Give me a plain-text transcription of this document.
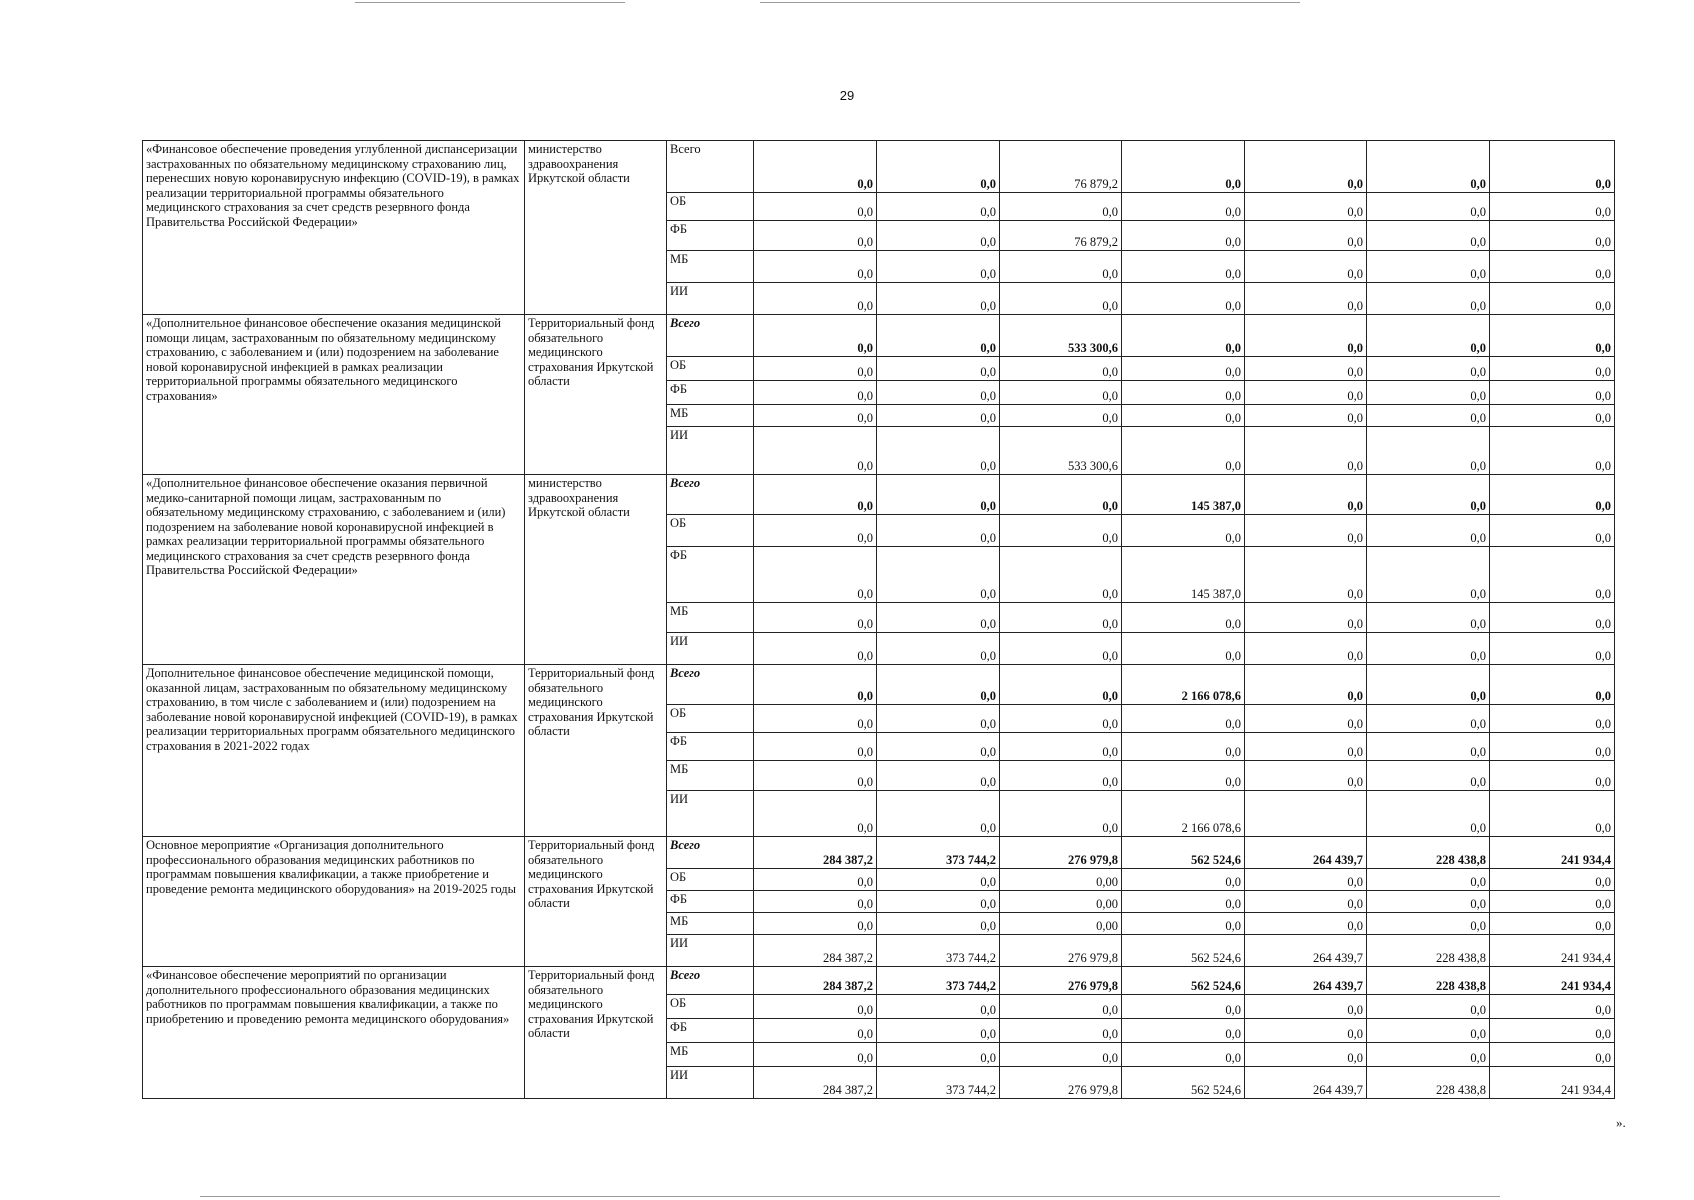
29
«Финансовое обеспечение проведения углубленной диспансеризации застрахованных по обязательному медицинскому страхованию лиц, перенесших новую коронавирусную инфекцию (COVID-19), в рамках реализации территориальной программы обязательного медицинского страхования за счет средств резервного фонда Правительства Российской Федерации»	министерство здравоохранения Иркутской области	Всего	0,0	0,0	76 879,2	0,0	0,0	0,0	0,0
		ОБ	0,0	0,0	0,0	0,0	0,0	0,0	0,0
		ФБ	0,0	0,0	76 879,2	0,0	0,0	0,0	0,0
		МБ	0,0	0,0	0,0	0,0	0,0	0,0	0,0
		ИИ	0,0	0,0	0,0	0,0	0,0	0,0	0,0
«Дополнительное финансовое обеспечение оказания медицинской помощи лицам, застрахованным по обязательному медицинскому страхованию, с заболеванием и (или) подозрением на заболевание новой коронавирусной инфекцией в рамках реализации территориальной программы обязательного медицинского страхования»	Территориальный фонд обязательного медицинского страхования Иркутской области	Всего	0,0	0,0	533 300,6	0,0	0,0	0,0	0,0
		ОБ	0,0	0,0	0,0	0,0	0,0	0,0	0,0
		ФБ	0,0	0,0	0,0	0,0	0,0	0,0	0,0
		МБ	0,0	0,0	0,0	0,0	0,0	0,0	0,0
		ИИ	0,0	0,0	533 300,6	0,0	0,0	0,0	0,0
«Дополнительное финансовое обеспечение оказания первичной медико-санитарной помощи лицам, застрахованным по обязательному медицинскому страхованию, с заболеванием и (или) подозрением на заболевание новой коронавирусной инфекцией в рамках реализации территориальной программы обязательного медицинского страхования за счет средств резервного фонда Правительства Российской Федерации»	министерство здравоохранения Иркутской области	Всего	0,0	0,0	0,0	145 387,0	0,0	0,0	0,0
		ОБ	0,0	0,0	0,0	0,0	0,0	0,0	0,0
		ФБ	0,0	0,0	0,0	145 387,0	0,0	0,0	0,0
		МБ	0,0	0,0	0,0	0,0	0,0	0,0	0,0
		ИИ	0,0	0,0	0,0	0,0	0,0	0,0	0,0
Дополнительное финансовое обеспечение медицинской помощи, оказанной лицам, застрахованным по обязательному медицинскому страхованию, в том числе с заболеванием и (или) подозрением на заболевание новой коронавирусной инфекцией (COVID-19), в рамках реализации территориальных программ обязательного медицинского страхования в 2021-2022 годах	Территориальный фонд обязательного медицинского страхования Иркутской области	Всего	0,0	0,0	0,0	2 166 078,6	0,0	0,0	0,0
		ОБ	0,0	0,0	0,0	0,0	0,0	0,0	0,0
		ФБ	0,0	0,0	0,0	0,0	0,0	0,0	0,0
		МБ	0,0	0,0	0,0	0,0	0,0	0,0	0,0
		ИИ	0,0	0,0	0,0	2 166 078,6		0,0	0,0
Основное мероприятие «Организация дополнительного профессионального образования медицинских работников по программам повышения квалификации, а также приобретение и проведение ремонта медицинского оборудования» на 2019-2025 годы	Территориальный фонд обязательного медицинского страхования Иркутской области	Всего	284 387,2	373 744,2	276 979,8	562 524,6	264 439,7	228 438,8	241 934,4
		ОБ	0,0	0,0	0,00	0,0	0,0	0,0	0,0
		ФБ	0,0	0,0	0,00	0,0	0,0	0,0	0,0
		МБ	0,0	0,0	0,00	0,0	0,0	0,0	0,0
		ИИ	284 387,2	373 744,2	276 979,8	562 524,6	264 439,7	228 438,8	241 934,4
«Финансовое обеспечение мероприятий по организации дополнительного профессионального образования медицинских работников по программам повышения квалификации, а также по приобретению и проведению ремонта медицинского оборудования»	Территориальный фонд обязательного медицинского страхования Иркутской области	Всего	284 387,2	373 744,2	276 979,8	562 524,6	264 439,7	228 438,8	241 934,4
		ОБ	0,0	0,0	0,0	0,0	0,0	0,0	0,0
		ФБ	0,0	0,0	0,0	0,0	0,0	0,0	0,0
		МБ	0,0	0,0	0,0	0,0	0,0	0,0	0,0
		ИИ	284 387,2	373 744,2	276 979,8	562 524,6	264 439,7	228 438,8	241 934,4
».
